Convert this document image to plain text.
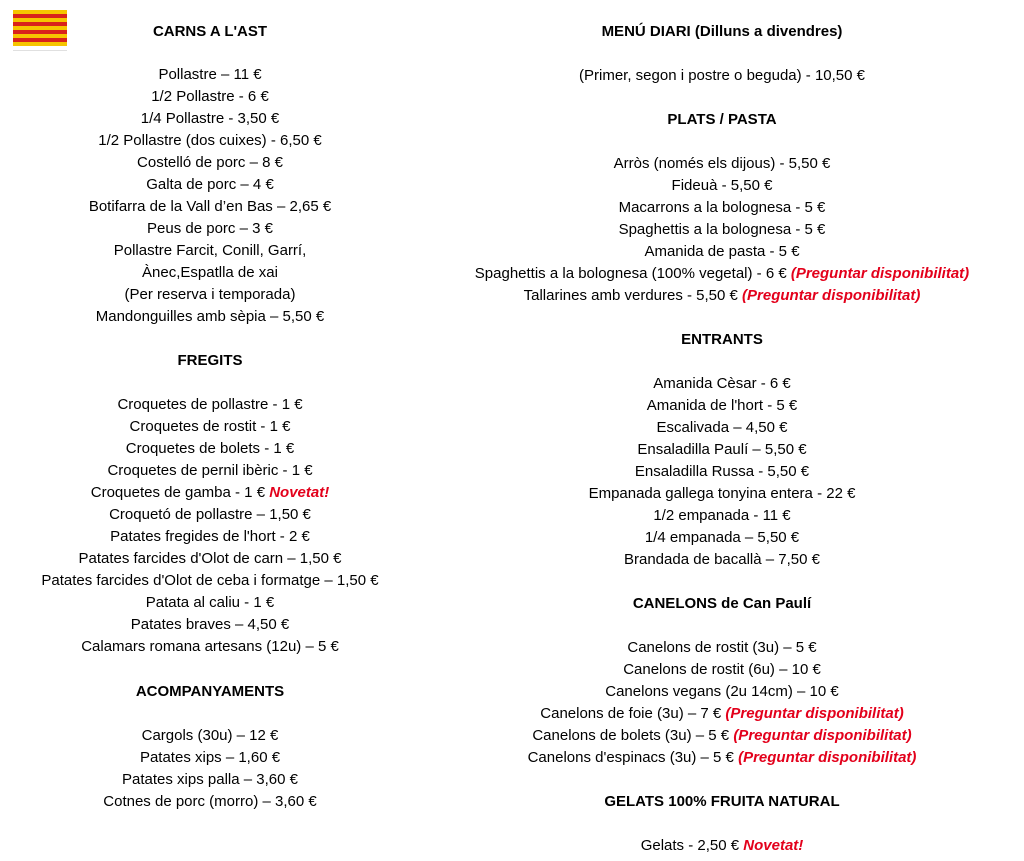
CARNS A L'AST
Pollastre – 11 €
1/2 Pollastre - 6 €
1/4 Pollastre - 3,50 €
1/2 Pollastre (dos cuixes) - 6,50 €
Costelló de porc – 8 €
Galta de porc – 4 €
Botifarra de la Vall d’en Bas – 2,65 €
Peus de porc – 3 €
Pollastre Farcit, Conill, Garrí,
Ànec,Espatlla de xai
(Per reserva i temporada)
Mandonguilles amb sèpia – 5,50 €
FREGITS
Croquetes de pollastre - 1 €
Croquetes de rostit - 1 €
Croquetes de bolets - 1 €
Croquetes de pernil ibèric - 1 €
Croquetes de gamba - 1 € Novetat!
Croquetó de pollastre – 1,50 €
Patates fregides de l'hort - 2 €
Patates farcides d'Olot de carn – 1,50 €
Patates farcides d'Olot de ceba i formatge – 1,50 €
Patata al caliu - 1 €
Patates braves – 4,50 €
Calamars romana artesans (12u) – 5 €
ACOMPANYAMENTS
Cargols (30u) – 12 €
Patates xips – 1,60 €
Patates xips palla – 3,60 €
Cotnes de porc (morro) – 3,60 €
MENÚ DIARI (Dilluns a divendres)
(Primer, segon i postre o beguda) - 10,50 €
PLATS / PASTA
Arròs (només els dijous) - 5,50 €
Fideuà - 5,50 €
Macarrons a la bolognesa - 5 €
Spaghettis a la bolognesa - 5 €
Amanida de pasta - 5 €
Spaghettis a la bolognesa (100% vegetal) - 6 € (Preguntar disponibilitat)
Tallarines amb verdures - 5,50 € (Preguntar disponibilitat)
ENTRANTS
Amanida Cèsar - 6 €
Amanida de l'hort - 5 €
Escalivada – 4,50 €
Ensaladilla Paulí – 5,50 €
Ensaladilla Russa - 5,50 €
Empanada gallega tonyina entera - 22 €
1/2 empanada - 11 €
1/4 empanada – 5,50 €
Brandada de bacallà – 7,50 €
CANELONS de Can Paulí
Canelons de rostit (3u) – 5 €
Canelons de rostit (6u) – 10 €
Canelons vegans (2u 14cm) – 10 €
Canelons de foie (3u) – 7 € (Preguntar disponibilitat)
Canelons de bolets (3u) – 5 € (Preguntar disponibilitat)
Canelons d'espinacs (3u) – 5 € (Preguntar disponibilitat)
GELATS 100% FRUITA NATURAL
Gelats - 2,50 € Novetat!
